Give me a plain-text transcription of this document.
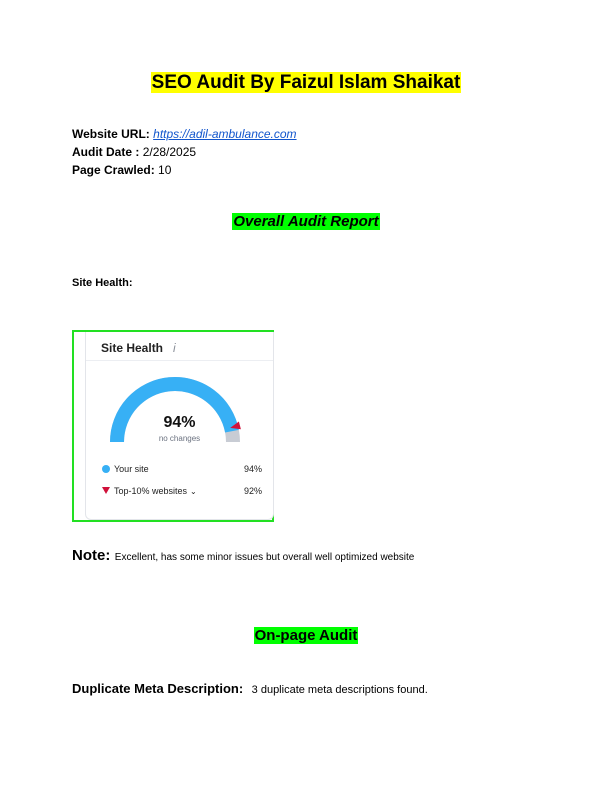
SEO Audit By Faizul Islam Shaikat
Website URL: https://adil-ambulance.com
Audit Date : 2/28/2025
Page Crawled: 10
Overall Audit Report
Site Health:
Site Health i
94%
no changes
Your site	94%
Top-10% websites ⌄	92%
Note: Excellent, has some minor issues but overall well optimized website
On-page Audit
Duplicate Meta Description: 3 duplicate meta descriptions found.
